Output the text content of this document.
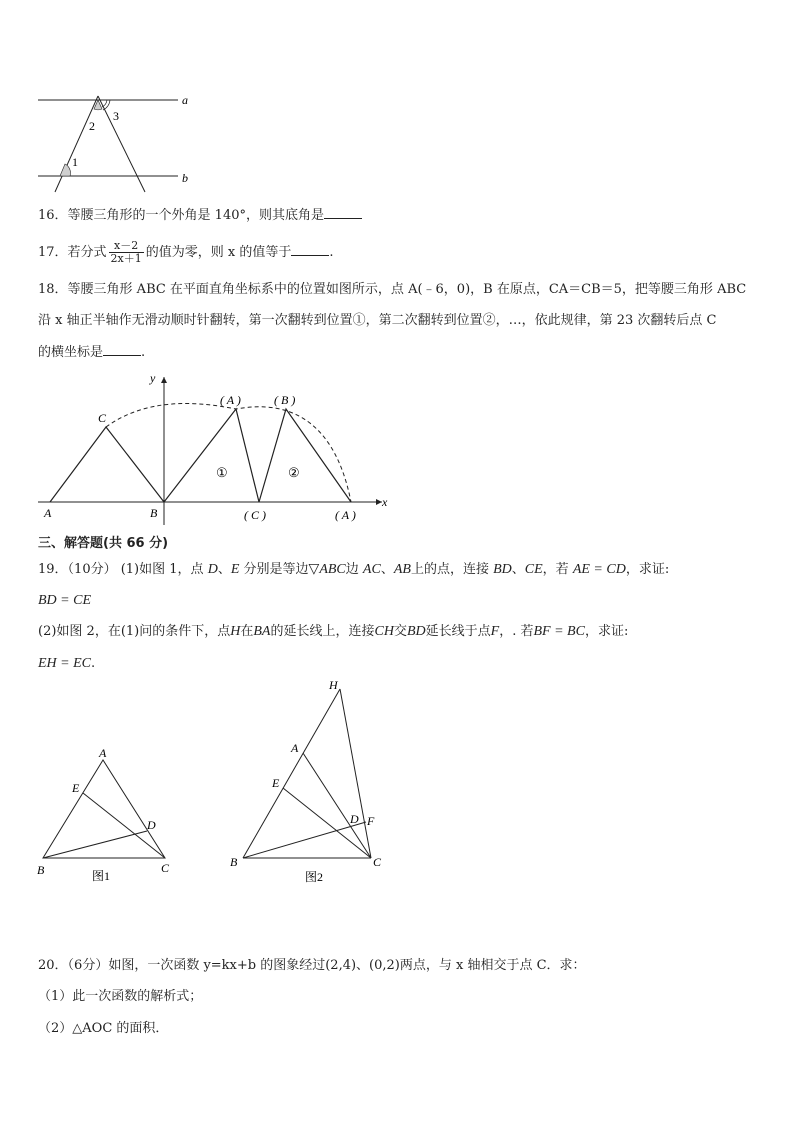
a
b
1
2
3
16．等腰三角形的一个外角是 140°，则其底角是
17．若分式 $\frac{x-2}{2x+1}$ 的值为零，则 x 的值等于	.
18．等腰三角形 ABC 在平面直角坐标系中的位置如图所示，点 A(﹣6，0)，B 在原点，CA＝CB＝5，把等腰三角形 ABC
沿 x 轴正半轴作无滑动顺时针翻转，第一次翻转到位置①，第二次翻转到位置②，…，依此规律，第 23 次翻转后点 C
的横坐标是	.
y
x
A	B
C
( A )	( B )
( C )	( A )
①	②
三、解答题(共 66 分)
19．（10分） (1)如图 1，点 D、E 分别是等边▽ABC边 AC、AB上的点，连接 BD、CE，若 AE = CD，求证:
BD = CE
(2)如图 2，在(1)问的条件下，点H在BA的延长线上，连接CH交BD延长线于点F，. 若BF = BC，求证:
EH = EC.
A
E
D
B	C
图1
H
A
E
D F
B	C
图2
20．（6分）如图，一次函数 y=kx+b 的图象经过(2,4)、(0,2)两点，与 x 轴相交于点 C．求：
（1）此一次函数的解析式；
（2）△AOC 的面积．
